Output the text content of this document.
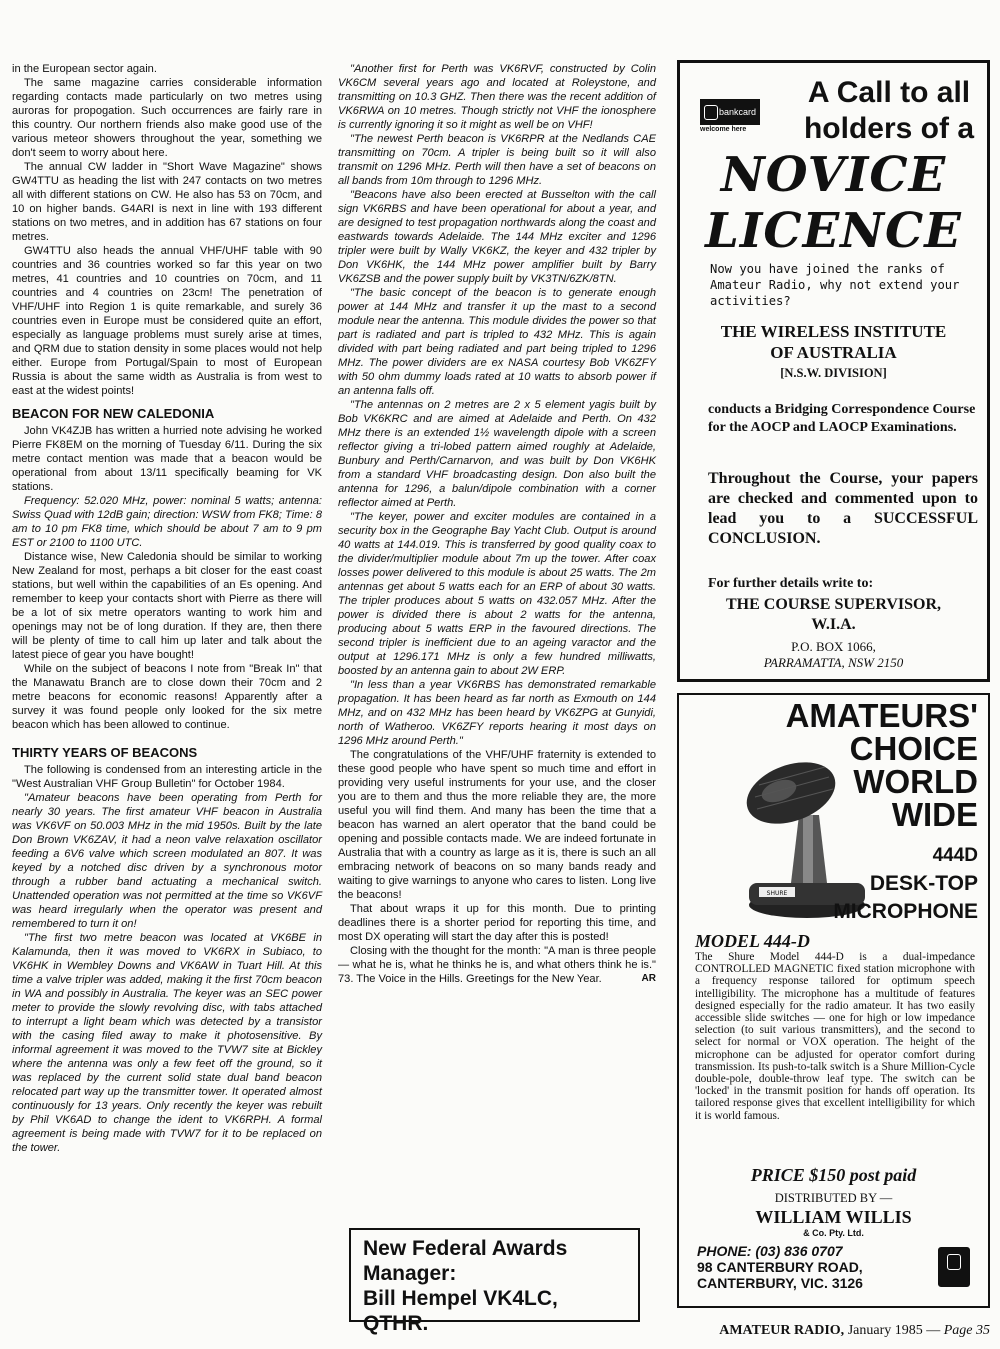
in the European sector again.

The same magazine carries considerable information regarding contacts made particularly on two metres using auroras for propogation. Such occurrences are fairly rare in this country. Our northern friends also make good use of the various meteor showers throughout the year, something we don't seem to worry about here.

The annual CW ladder in "Short Wave Magazine" shows GW4TTU as heading the list with 247 contacts on two metres all with different stations on CW. He also has 53 on 70cm, and 10 on higher bands. G4ARI is next in line with 193 different stations on two metres, and in addition has 67 stations on four metres.

GW4TTU also heads the annual VHF/UHF table with 90 countries and 36 countries worked so far this year on two metres, 41 countries and 10 countries on 70cm, and 11 countries and 4 countries on 23cm! The penetration of VHF/UHF into Region 1 is quite remarkable, and surely 36 countries even in Europe must be considered quite an effort, especially as language problems must surely arise at times, and QRM due to station density in some places would not help either. Europe from Portugal/Spain to most of European Russia is about the same width as Australia is from west to east at the widest points!

BEACON FOR NEW CALEDONIA

John VK4ZJB has written a hurried note advising he worked Pierre FK8EM on the morning of Tuesday 6/11. During the six metre contact mention was made that a beacon would be operational from about 13/11 specifically beaming for VK stations.

Frequency: 52.020 MHz, power: nominal 5 watts; antenna: Swiss Quad with 12dB gain; direction: WSW from FK8; Time: 8 am to 10 pm FK8 time, which should be about 7 am to 9 pm EST or 2100 to 1100 UTC.

Distance wise, New Caledonia should be similar to working New Zealand for most, perhaps a bit closer for the east coast stations, but well within the capabilities of an Es opening. And remember to keep your contacts short with Pierre as there will be a lot of six metre operators wanting to work him and openings may not be of long duration. If they are, then there will be plenty of time to call him up later and talk about the latest piece of gear you have bought!

While on the subject of beacons I note from "Break In" that the Manawatu Branch are to close down their 70cm and 2 metre beacons for economic reasons! Apparently after a survey it was found people only looked for the six metre beacon which has been allowed to continue.

THIRTY YEARS OF BEACONS

The following is condensed from an interesting article in the "West Australian VHF Group Bulletin" for October 1984.

"Amateur beacons have been operating from Perth for nearly 30 years. The first amateur VHF beacon in Australia was VK6VF on 50.003 MHz in the mid 1950s. Built by the late Don Brown VK6ZAV, it had a neon valve relaxation oscillator feeding a 6V6 valve which screen modulated an 807. It was keyed by a notched disc driven by a synchronous motor through a rubber band actuating a mechanical switch. Unattended operation was not permitted at the time so VK6VF was heard irregularly when the operator was present and remembered to turn it on!

"The first two metre beacon was located at VK6BE in Kalamunda, then it was moved to VK6RX in Subiaco, to VK6HK in Wembley Downs and VK6AW in Tuart Hill. At this time a valve tripler was added, making it the first 70cm beacon in WA and possibly in Australia. The keyer was an SEC power meter to provide the slowly revolving disc, with tabs attached to interrupt a light beam which was detected by a transistor with the casing filed away to make it photosensitive. By informal agreement it was moved to the TVW7 site at Bickley where the antenna was only a few feet off the ground, so it was replaced by the current solid state dual band beacon relocated part way up the transmitter tower. It operated almost continuously for 13 years. Only recently the keyer was rebuilt by Phil VK6AD to change the ident to VK6RPH. A formal agreement is being made with TVW7 for it to be replaced on the tower.

"Another first for Perth was VK6RVF, constructed by Colin VK6CM several years ago and located at Roleystone, and transmitting on 10.3 GHZ. Then there was the recent addition of VK6RWA on 10 metres. Though strictly not VHF the ionosphere is currently ignoring it so it might as well be on VHF!

"The newest Perth beacon is VK6RPR at the Nedlands CAE transmitting on 70cm. A tripler is being built so it will also transmit on 1296 MHz. Perth will then have a set of beacons on all bands from 10m through to 1296 MHz.

"Beacons have also been erected at Busselton with the call sign VK6RBS and have been operational for about a year, and are designed to test propagation northwards along the coast and eastwards towards Adelaide. The 144 MHz exciter and 1296 tripler were built by Wally VK6KZ, the keyer and 432 tripler by Don VK6HK, the 144 MHz power amplifier built by Barry VK6ZSB and the power supply built by VK3TN/6ZK/8TN.

"The basic concept of the beacon is to generate enough power at 144 MHz and transfer it up the mast to a second module near the antenna. This module divides the power so that part is radiated and part is tripled to 432 MHz. This is again divided with part being radiated and part being tripled to 1296 MHz. The power dividers are ex NASA courtesy Bob VK6ZFY with 50 ohm dummy loads rated at 10 watts to absorb power if an antenna falls off.

"The antennas on 2 metres are 2 x 5 element yagis built by Bob VK6KRC and are aimed at Adelaide and Perth. On 432 MHz there is an extended 1½ wavelength dipole with a screen reflector giving a tri-lobed pattern aimed roughly at Adelaide, Bunbury and Perth/Carnarvon, and was built by Don VK6HK from a standard VHF broadcasting design. Don also built the antenna for 1296, a balun/dipole combination with a corner reflector aimed at Perth.

"The keyer, power and exciter modules are contained in a security box in the Geographe Bay Yacht Club. Output is around 40 watts at 144.019. This is transferred by good quality coax to the divider/multiplier module about 7m up the tower. After coax losses power delivered to this module is about 25 watts. The 2m antennas get about 5 watts each for an ERP of about 30 watts. The tripler produces about 5 watts on 432.057 MHz. After the power is divided there is about 2 watts for the antenna, producing about 5 watts ERP in the favoured directions. The second tripler is inefficient due to an ageing varactor and the output at 1296.171 MHz is only a few hundred milliwatts, boosted by an antenna gain to about 2W ERP.

"In less than a year VK6RBS has demonstrated remarkable propagation. It has been heard as far north as Exmouth on 144 MHz, and on 432 MHz has been heard by VK6ZPG at Gunyidi, north of Watheroo. VK6ZFY reports hearing it most days on 1296 MHz around Perth."

The congratulations of the VHF/UHF fraternity is extended to these good people who have spent so much time and effort in providing very useful instruments for your use, and the closer you are to them and thus the more reliable they are, the more useful you will find them. And many has been the time that a beacon has warned an alert operator that the band could be opening and possible contacts made. We are indeed fortunate in Australia that with a country as large as it is, there is such an all embracing network of beacons on so many bands ready and waiting to give warnings to anyone who cares to listen. Long live the beacons!

That about wraps it up for this month. Due to printing deadlines there is a shorter period for reporting this time, and most DX operating will start the day after this is posted!

Closing with the thought for the month: "A man is three people — what he is, what he thinks he is, and what others think he is." 73. The Voice in the Hills. Greetings for the New Year.	AR

New Federal Awards
Manager:
Bill Hempel VK4LC, QTHR.
bankcard
welcome here
A Call to all
holders of a
NOVICE
LICENCE
Now you have joined the ranks of Amateur Radio, why not extend your activities?
THE WIRELESS INSTITUTE
OF AUSTRALIA
[N.S.W. DIVISION]
conducts a Bridging Correspondence Course for the AOCP and LAOCP Examinations.
Throughout the Course, your papers are checked and commented upon to lead you to a SUCCESSFUL CONCLUSION.
For further details write to:
THE COURSE SUPERVISOR,
W.I.A.
P.O. BOX 1066,
PARRAMATTA, NSW 2150
AMATEURS'
CHOICE
WORLD
WIDE
SHURE
444D
DESK-TOP
MICROPHONE
MODEL 444-D
The Shure Model 444-D is a dual-impedance CONTROLLED MAGNETIC fixed station microphone with a frequency response tailored for optimum speech intelligibility. The microphone has a multitude of features designed especially for the radio amateur. It has two easily accessible slide switches — one for high or low impedance selection (to suit various transmitters), and the second to select for normal or VOX operation. The height of the microphone can be adjusted for operator comfort during transmission. Its push-to-talk switch is a Shure Million-Cycle double-pole, double-throw leaf type. The switch can be 'locked' in the transmit position for hands off operation. Its tailored response gives that excellent intelligibility for which it is world famous.
PRICE $150 post paid
DISTRIBUTED BY —
WILLIAM WILLIS
& Co. Pty. Ltd.
PHONE: (03) 836 0707
98 CANTERBURY ROAD,
CANTERBURY, VIC. 3126
AMATEUR RADIO, January 1985 — Page 35
